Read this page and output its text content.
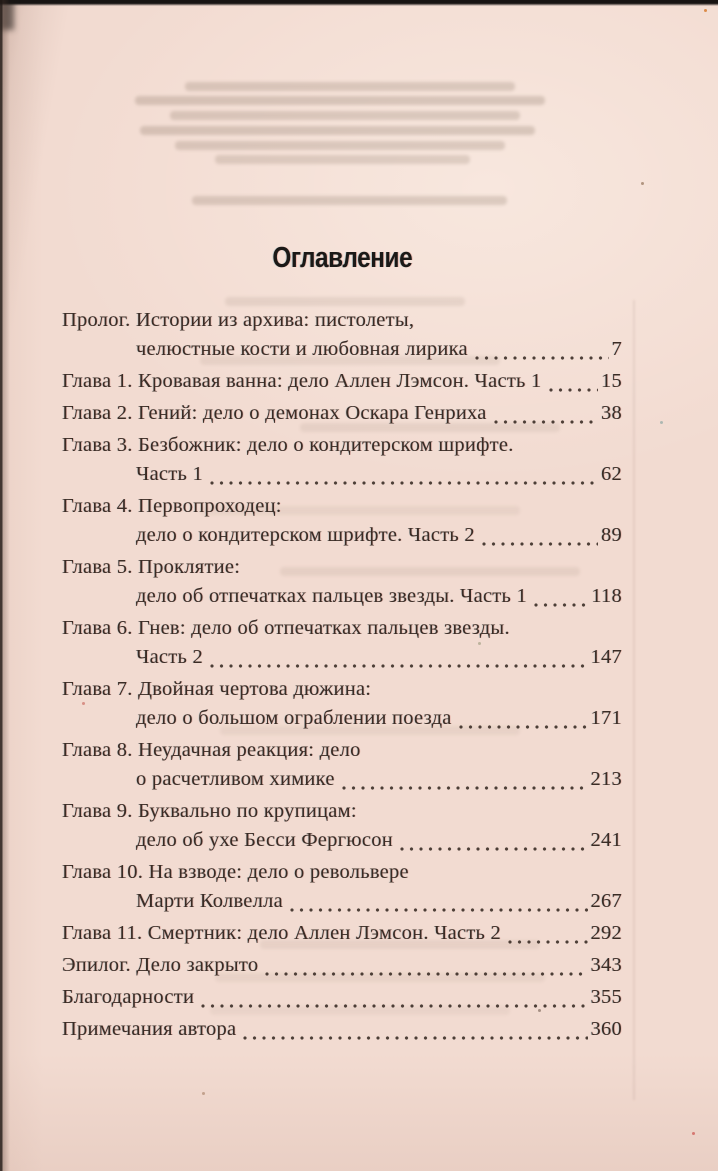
Оглавление
Пролог. Истории из архива: пистолеты,
челюстные кости и любовная лирика	7
Глава 1. Кровавая ванна: дело Аллен Лэмсон. Часть 1	15
Глава 2. Гений: дело о демонах Оскара Генриха	38
Глава 3. Безбожник: дело о кондитерском шрифте.
Часть 1	62
Глава 4. Первопроходец:
дело о кондитерском шрифте. Часть 2	89
Глава 5. Проклятие:
дело об отпечатках пальцев звезды. Часть 1	118
Глава 6. Гнев: дело об отпечатках пальцев звезды.
Часть 2	147
Глава 7. Двойная чертова дюжина:
дело о большом ограблении поезда	171
Глава 8. Неудачная реакция: дело
о расчетливом химике	213
Глава 9. Буквально по крупицам:
дело об ухе Бесси Фергюсон	241
Глава 10. На взводе: дело о револьвере
Марти Колвелла	267
Глава 11. Смертник: дело Аллен Лэмсон. Часть 2	292
Эпилог. Дело закрыто	343
Благодарности	355
Примечания автора	360
